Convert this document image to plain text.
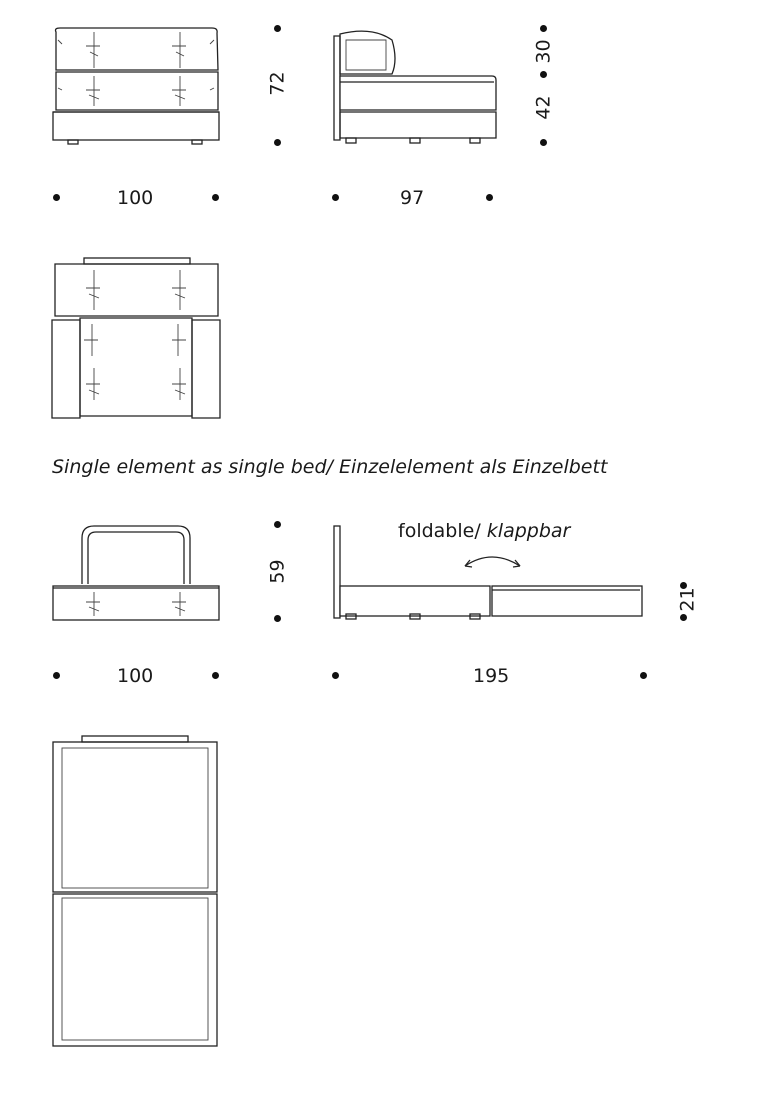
72
30
42
100	97
Single element as single bed/ Einzelelement als Einzelbett
59
foldable/ klappbar
21
100	195
